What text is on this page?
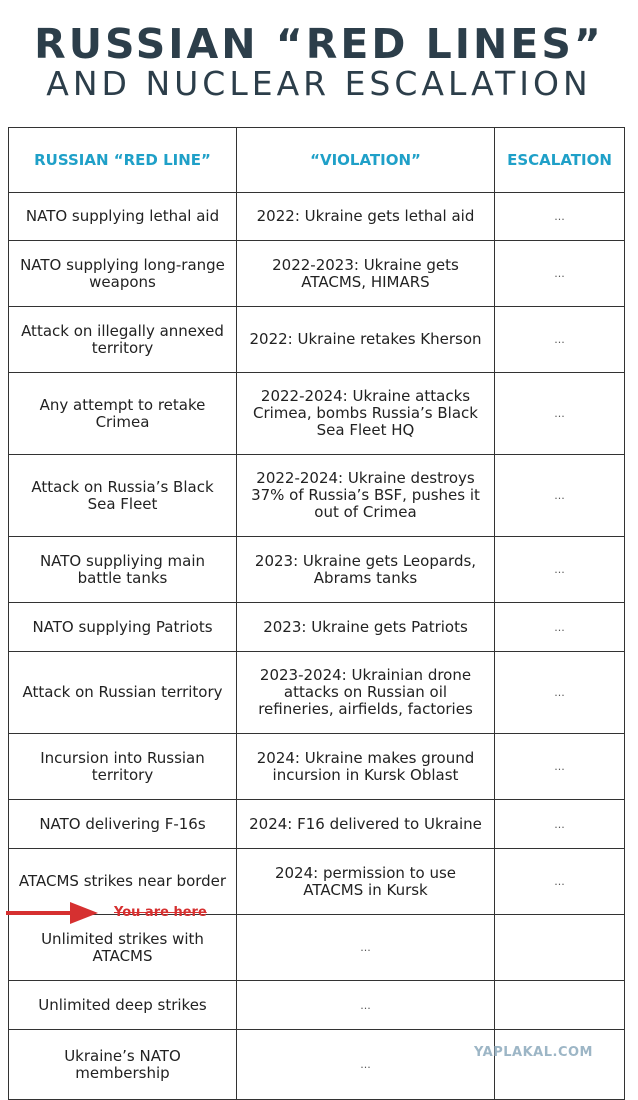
RUSSIAN “RED LINES”
AND NUCLEAR ESCALATION
RUSSIAN “RED LINE”	“VIOLATION”	ESCALATION
NATO supplying lethal aid	2022: Ukraine gets lethal aid	...
NATO supplying long-range weapons	2022-2023: Ukraine gets ATACMS, HIMARS	...
Attack on illegally annexed territory	2022: Ukraine retakes Kherson	...
Any attempt to retake Crimea	2022-2024: Ukraine attacks Crimea, bombs Russia’s Black Sea Fleet HQ	...
Attack on Russia’s Black Sea Fleet	2022-2024: Ukraine destroys 37% of Russia’s BSF, pushes it out of Crimea	...
NATO suppliying main battle tanks	2023: Ukraine gets Leopards, Abrams tanks	...
NATO supplying Patriots	2023: Ukraine gets Patriots	...
Attack on Russian territory	2023-2024: Ukrainian drone attacks on Russian oil refineries, airfields, factories	...
Incursion into Russian territory	2024: Ukraine makes ground incursion in Kursk Oblast	...
NATO delivering F-16s	2024: F16 delivered to Ukraine	...
ATACMS strikes near border	2024: permission to use ATACMS in Kursk	...
Unlimited strikes with ATACMS	...	
Unlimited deep strikes	...	
Ukraine’s NATO membership	...	
You are here
YAPLAKAL.COM
